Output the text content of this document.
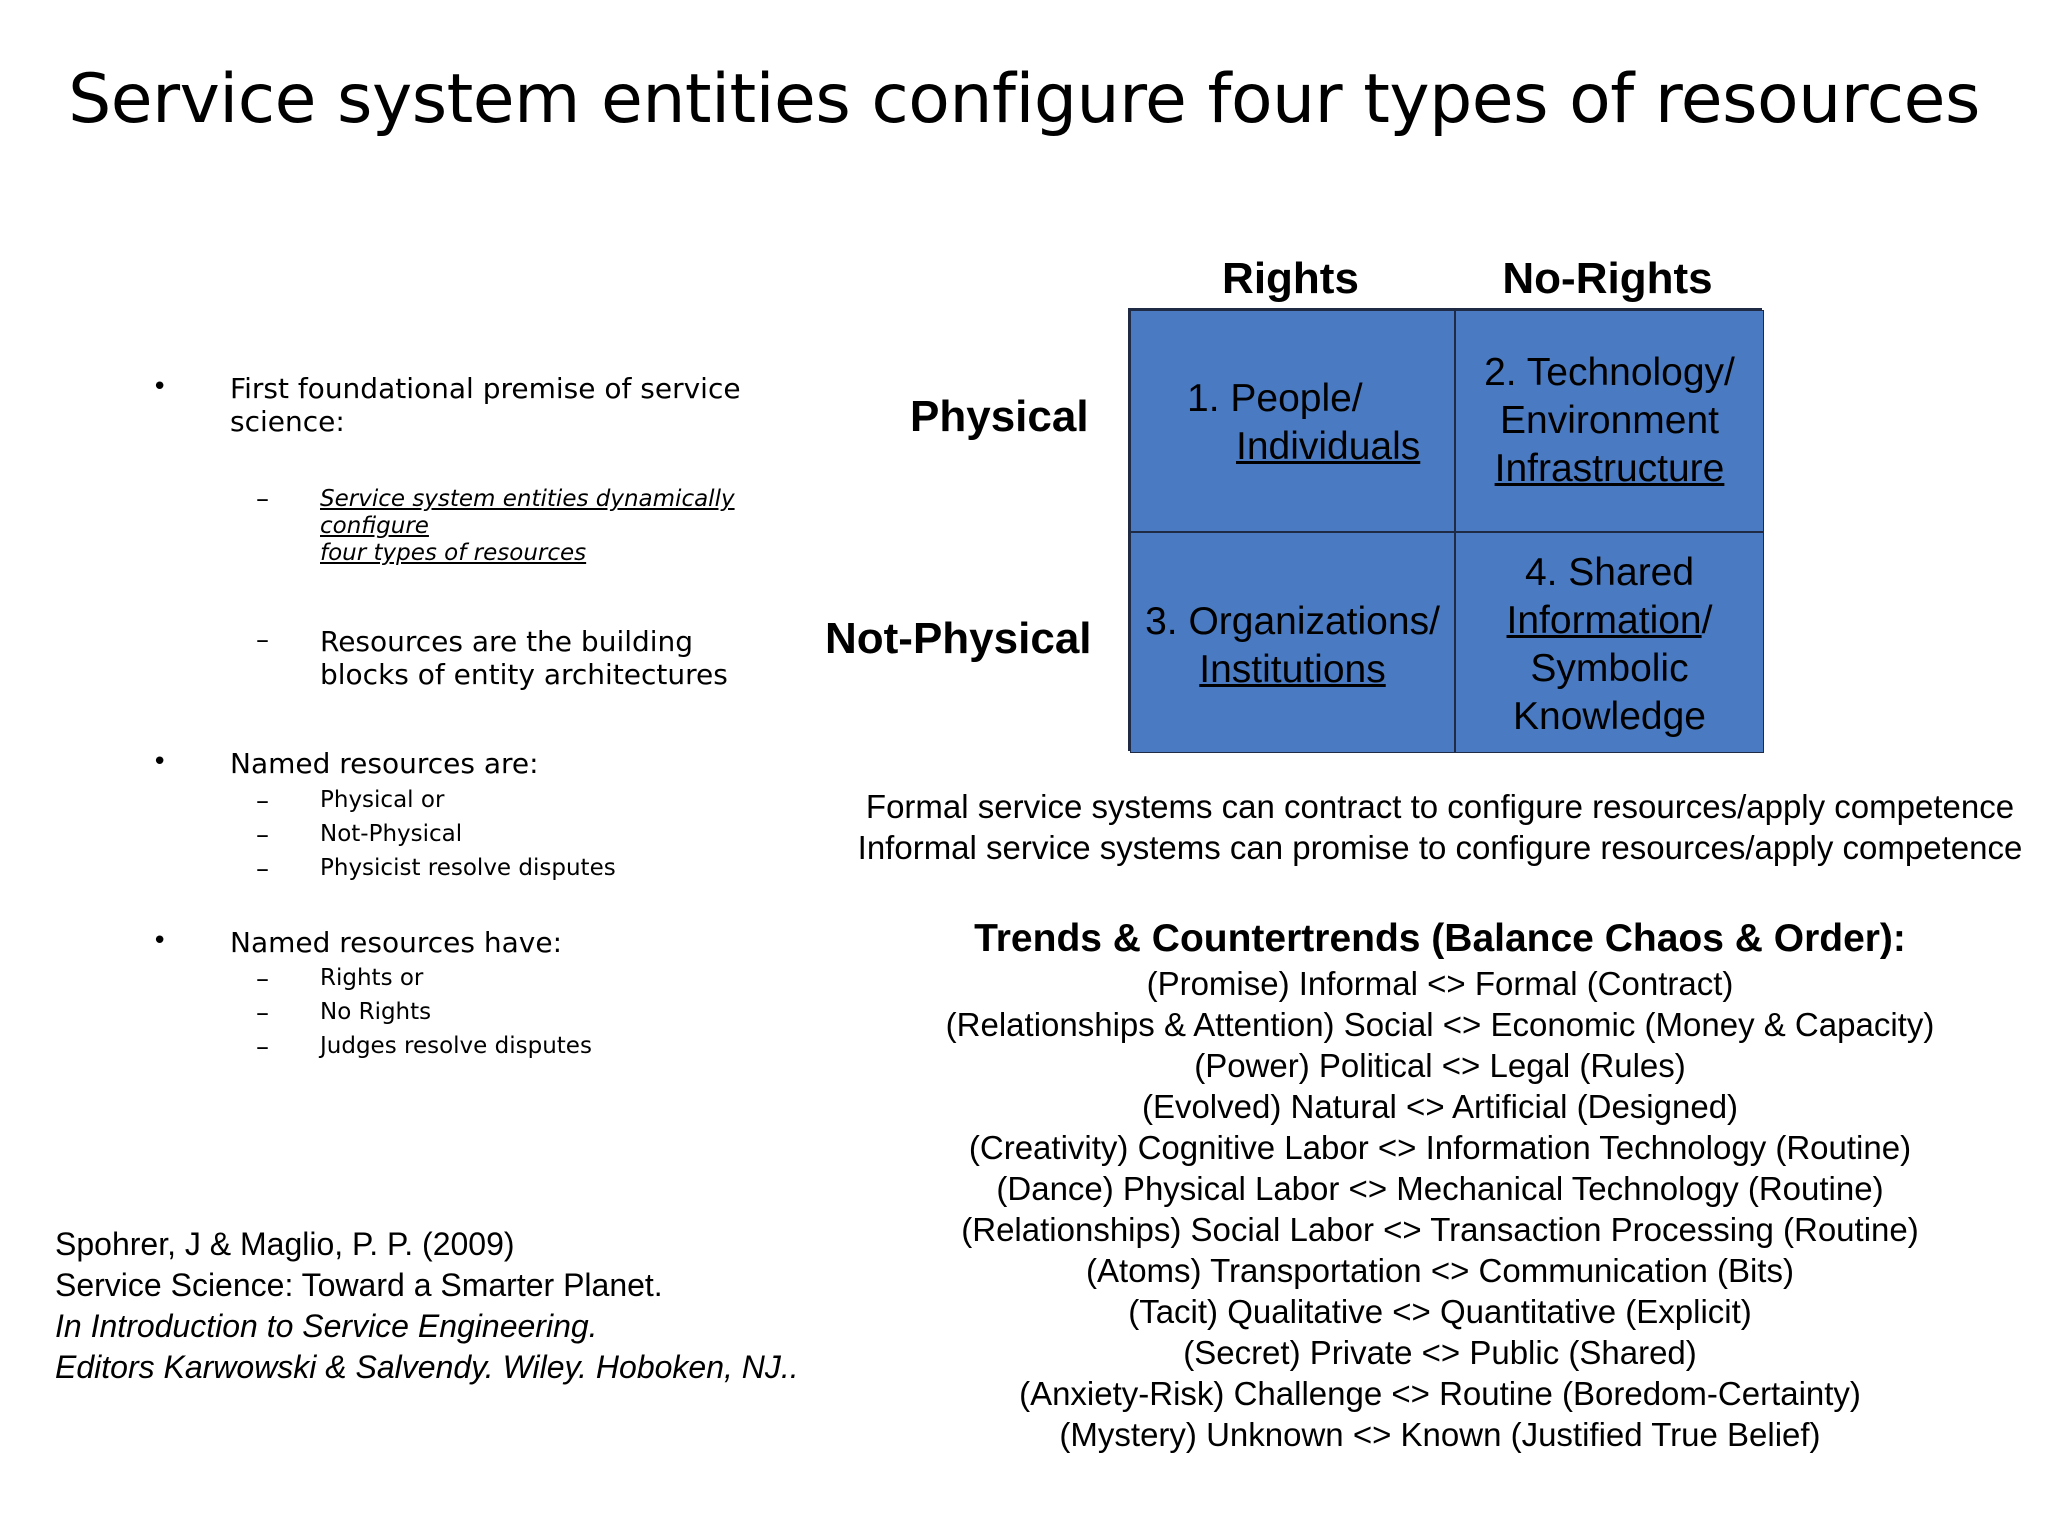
Service system entities configure four types of resources
• First foundational premise of service
science:
– Service system entities dynamically
configure
four types of resources
– Resources are the building
blocks of entity architectures
• Named resources are:
– Physical or
– Not-Physical
– Physicist resolve disputes
• Named resources have:
– Rights or
– No Rights
– Judges resolve disputes
Rights	No-Rights
Physical
Not-Physical
1. People/
Individuals
2. Technology/
Environment
Infrastructure
3. Organizations/
Institutions
4. Shared
Information/
Symbolic
Knowledge
Formal service systems can contract to configure resources/apply competence
Informal service systems can promise to configure resources/apply competence
Trends & Countertrends (Balance Chaos & Order):
(Promise) Informal <> Formal (Contract)
(Relationships & Attention) Social <> Economic (Money & Capacity)
(Power) Political <> Legal (Rules)
(Evolved) Natural <> Artificial (Designed)
(Creativity) Cognitive Labor <> Information Technology (Routine)
(Dance) Physical Labor <> Mechanical Technology (Routine)
(Relationships) Social Labor <> Transaction Processing (Routine)
(Atoms) Transportation <> Communication (Bits)
(Tacit) Qualitative <> Quantitative (Explicit)
(Secret) Private <> Public (Shared)
(Anxiety-Risk) Challenge <> Routine (Boredom-Certainty)
(Mystery) Unknown <> Known (Justified True Belief)
Spohrer, J & Maglio, P. P. (2009)
Service Science: Toward a Smarter Planet.
In Introduction to Service Engineering.
Editors Karwowski & Salvendy. Wiley. Hoboken, NJ..
